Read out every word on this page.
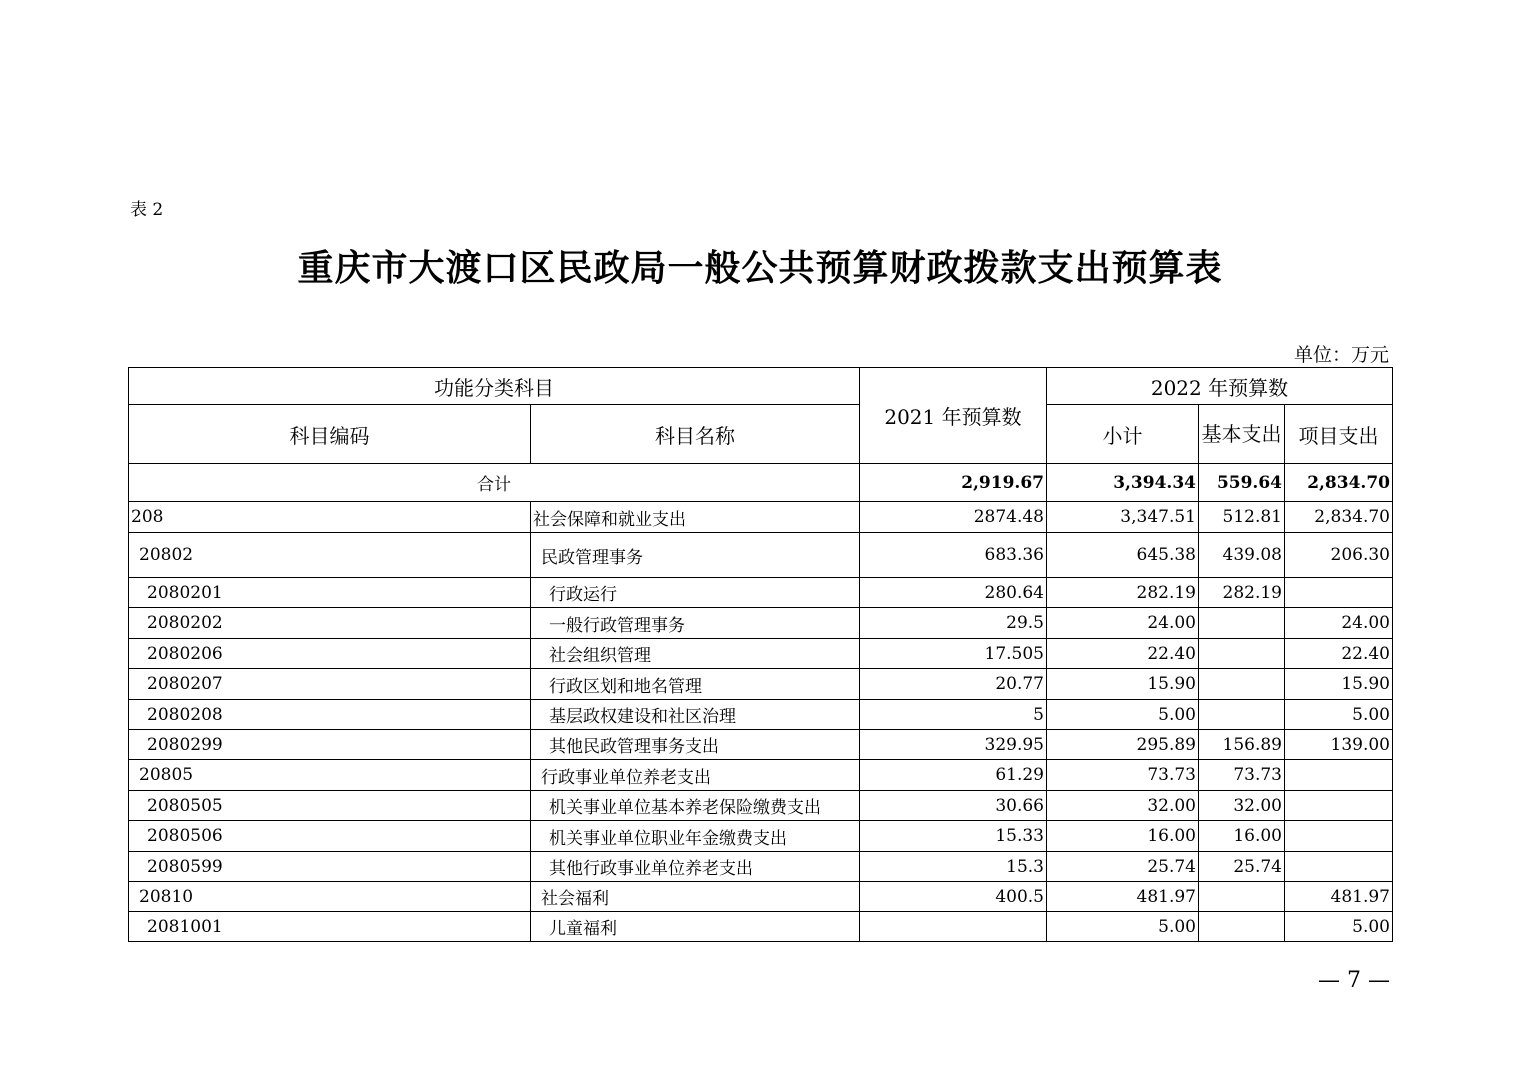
表 2
重庆市大渡口区民政局一般公共预算财政拨款支出预算表
单位：万元
功能分类科目		2021 年预算数	2022 年预算数		
科目编码	科目名称		小计	基本支出	项目支出
合计		2,919.67	3,394.34	559.64	2,834.70
208	社会保障和就业支出	2874.48	3,347.51	512.81	2,834.70
20802	民政管理事务	683.36	645.38	439.08	206.30
2080201	行政运行	280.64	282.19	282.19	
2080202	一般行政管理事务	29.5	24.00		24.00
2080206	社会组织管理	17.505	22.40		22.40
2080207	行政区划和地名管理	20.77	15.90		15.90
2080208	基层政权建设和社区治理	5	5.00		5.00
2080299	其他民政管理事务支出	329.95	295.89	156.89	139.00
20805	行政事业单位养老支出	61.29	73.73	73.73	
2080505	机关事业单位基本养老保险缴费支出	30.66	32.00	32.00	
2080506	机关事业单位职业年金缴费支出	15.33	16.00	16.00	
2080599	其他行政事业单位养老支出	15.3	25.74	25.74	
20810	社会福利	400.5	481.97		481.97
2081001	儿童福利		5.00		5.00
— 7 —
